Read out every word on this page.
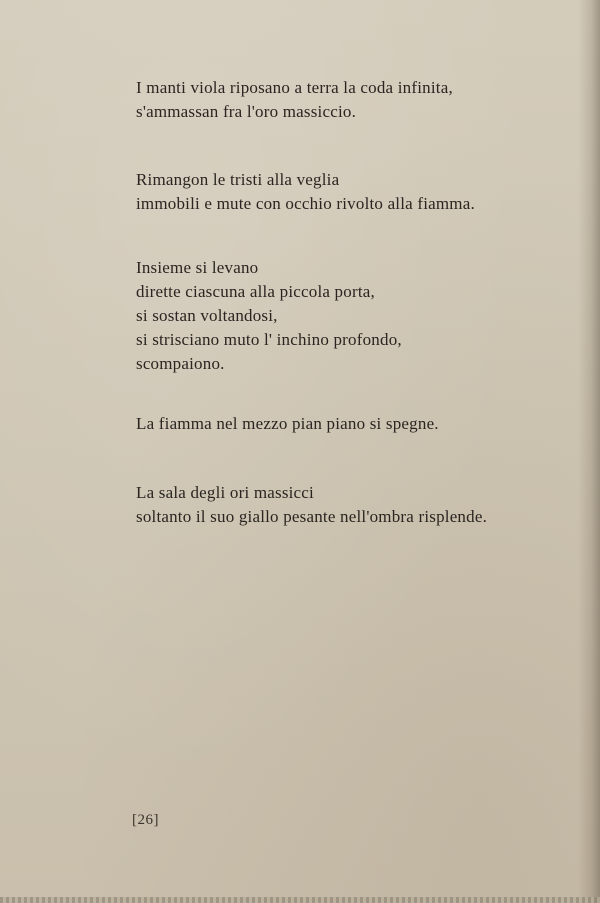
I manti viola riposano a terra la coda infinita,
s'ammassan fra l'oro massiccio.

Rimangon le tristi alla veglia
immobili e mute con occhio rivolto alla fiamma.

Insieme si levano
dirette ciascuna alla piccola porta,
si sostan voltandosi,
si strisciano muto l' inchino profondo,
scompaiono.

La fiamma nel mezzo pian piano si spegne.

La sala degli ori massicci
soltanto il suo giallo pesante nell'ombra risplende.

[26]
